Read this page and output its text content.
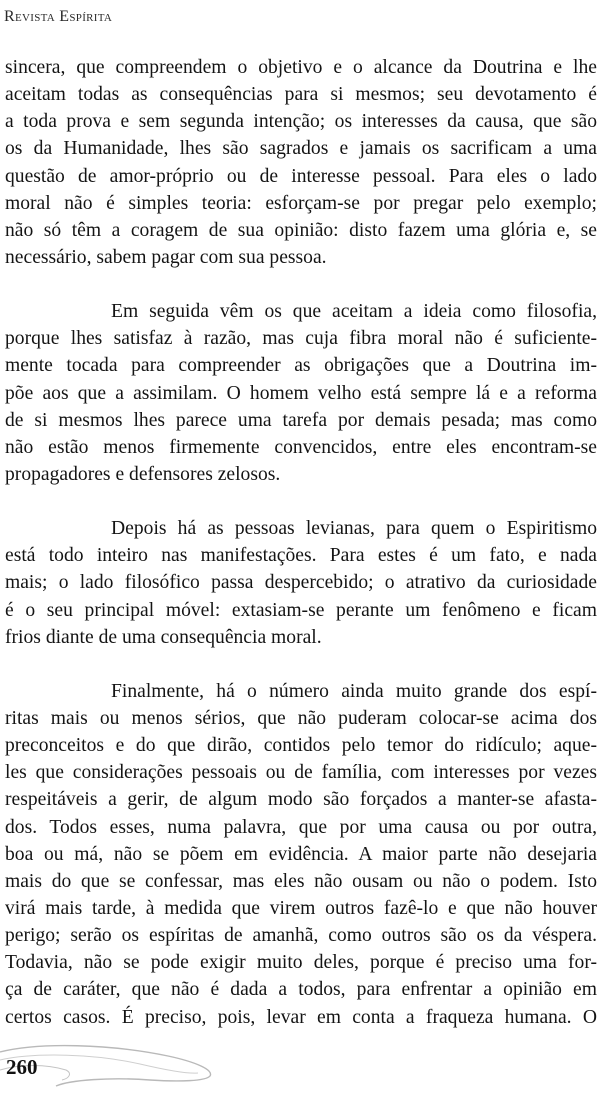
Revista Espírita
sincera, que compreendem o objetivo e o alcance da Doutrina e lhe
aceitam todas as consequências para si mesmos; seu devotamento é
a toda prova e sem segunda intenção; os interesses da causa, que são
os da Humanidade, lhes são sagrados e jamais os sacrificam a uma
questão de amor-próprio ou de interesse pessoal. Para eles o lado
moral não é simples teoria: esforçam-se por pregar pelo exemplo;
não só têm a coragem de sua opinião: disto fazem uma glória e, se
necessário, sabem pagar com sua pessoa.
Em seguida vêm os que aceitam a ideia como filosofia,
porque lhes satisfaz à razão, mas cuja fibra moral não é suficiente-
mente tocada para compreender as obrigações que a Doutrina im-
põe aos que a assimilam. O homem velho está sempre lá e a reforma
de si mesmos lhes parece uma tarefa por demais pesada; mas como
não estão menos firmemente convencidos, entre eles encontram-se
propagadores e defensores zelosos.
Depois há as pessoas levianas, para quem o Espiritismo
está todo inteiro nas manifestações. Para estes é um fato, e nada
mais; o lado filosófico passa despercebido; o atrativo da curiosidade
é o seu principal móvel: extasiam-se perante um fenômeno e ficam
frios diante de uma consequência moral.
Finalmente, há o número ainda muito grande dos espí-
ritas mais ou menos sérios, que não puderam colocar-se acima dos
preconceitos e do que dirão, contidos pelo temor do ridículo; aque-
les que considerações pessoais ou de família, com interesses por vezes
respeitáveis a gerir, de algum modo são forçados a manter-se afasta-
dos. Todos esses, numa palavra, que por uma causa ou por outra,
boa ou má, não se põem em evidência. A maior parte não desejaria
mais do que se confessar, mas eles não ousam ou não o podem. Isto
virá mais tarde, à medida que virem outros fazê-lo e que não houver
perigo; serão os espíritas de amanhã, como outros são os da véspera.
Todavia, não se pode exigir muito deles, porque é preciso uma for-
ça de caráter, que não é dada a todos, para enfrentar a opinião em
certos casos. É preciso, pois, levar em conta a fraqueza humana. O
260
